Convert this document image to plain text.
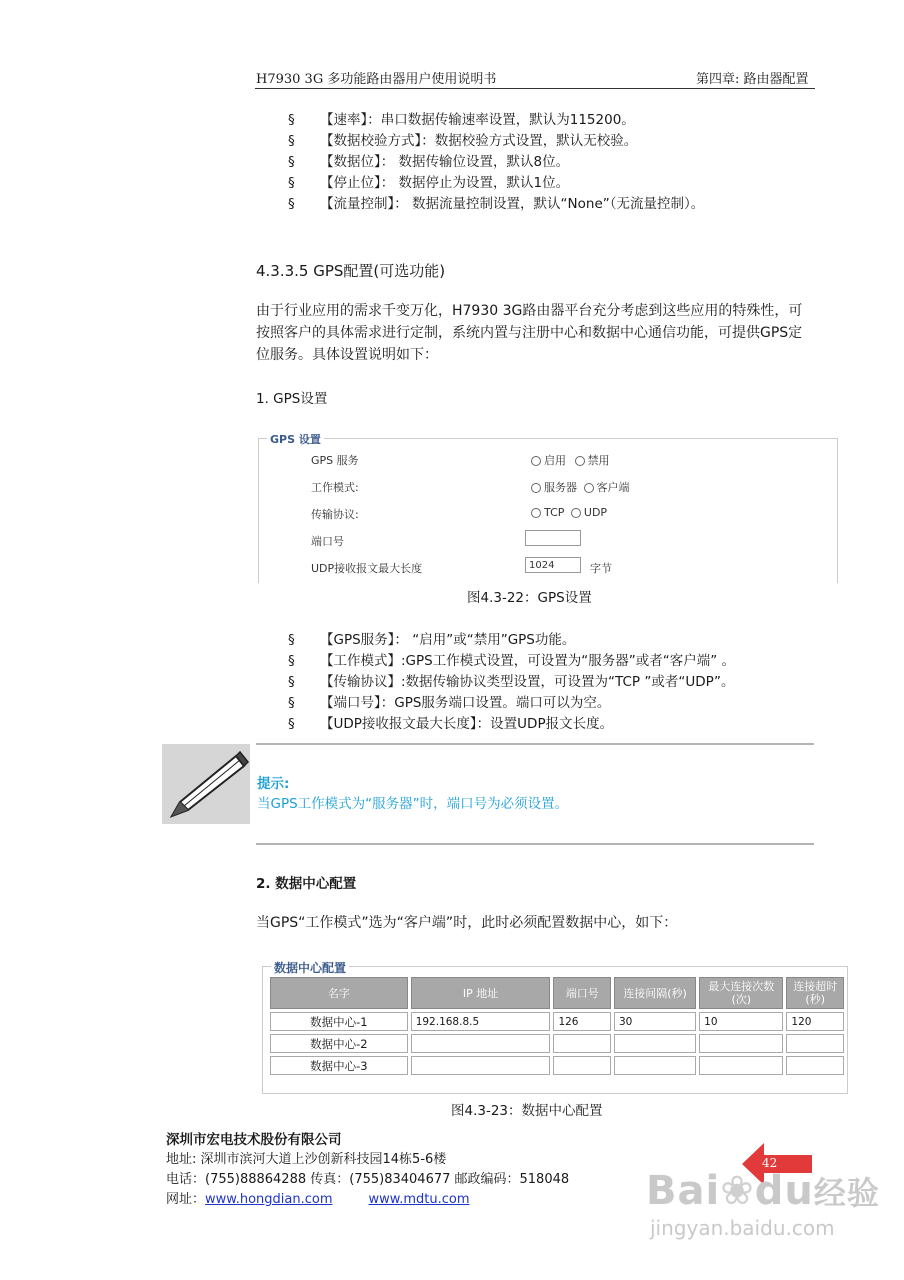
H7930 3G 多功能路由器用户使用说明书	第四章: 路由器配置
§ 【速率】：串口数据传输速率设置，默认为115200。
§ 【数据校验方式】：数据校验方式设置，默认无校验。
§ 【数据位】： 数据传输位设置，默认8位。
§ 【停止位】： 数据停止为设置，默认1位。
§ 【流量控制】： 数据流量控制设置，默认“None”（无流量控制）。
4.3.3.5 GPS配置(可选功能)
由于行业应用的需求千变万化，H7930 3G路由器平台充分考虑到这些应用的特殊性，可按照客户的具体需求进行定制，系统内置与注册中心和数据中心通信功能，可提供GPS定位服务。具体设置说明如下：
1. GPS设置
GPS 设置
GPS 服务	启用 禁用
工作模式:	服务器 客户端
传输协议:	TCP UDP
端口号
UDP接收报文最大长度	1024	字节
图4.3-22：GPS设置
§ 【GPS服务】： “启用”或“禁用”GPS功能。
§ 【工作模式】:GPS工作模式设置，可设置为“服务器”或者“客户端” 。
§ 【传输协议】:数据传输协议类型设置，可设置为“TCP ”或者“UDP”。
§ 【端口号】：GPS服务端口设置。端口可以为空。
§ 【UDP接收报文最大长度】：设置UDP报文长度。
提示:
当GPS工作模式为“服务器”时，端口号为必须设置。
2. 数据中心配置
当GPS“工作模式”选为“客户端”时，此时必须配置数据中心，如下：
数据中心配置
名字	IP 地址	端口号	连接间隔(秒)	最大连接次数(次)	连接超时(秒)
数据中心-1	192.168.8.5	126	30	10	120
数据中心-2					
数据中心-3					
图4.3-23：数据中心配置
深圳市宏电技术股份有限公司
地址: 深圳市滨河大道上沙创新科技园14栋5-6楼
电话：(755)88864288 传真：(755)83404677 邮政编码：518048
网址：www.hongdian.com	www.mdtu.com
42
Bai❀du经验
jingyan.baidu.com
